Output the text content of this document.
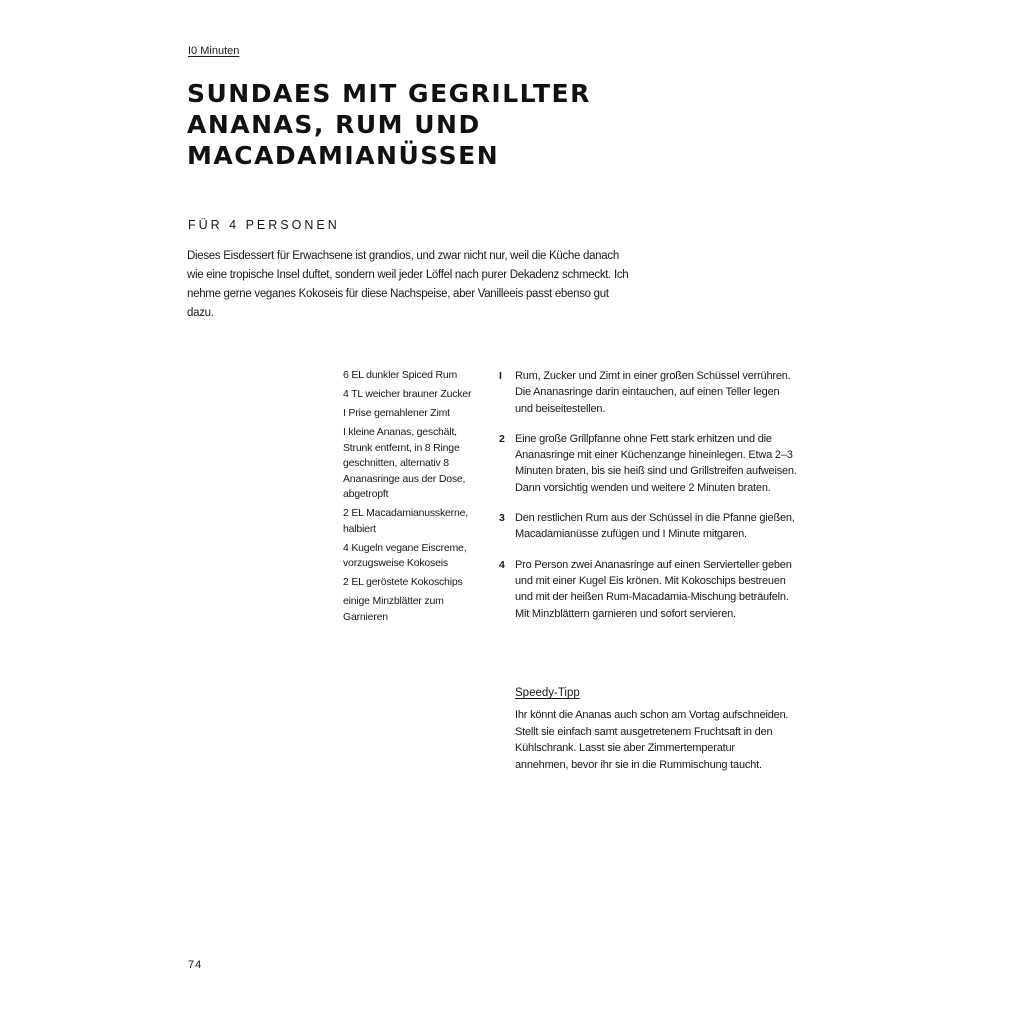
I0 Minuten
SUNDAES MIT GEGRILLTER ANANAS, RUM UND MACADAMIANÜSSEN
FÜR 4 PERSONEN

Dieses Eisdessert für Erwachsene ist grandios, und zwar nicht nur, weil die Küche danach wie eine tropische Insel duftet, sondern weil jeder Löffel nach purer Dekadenz schmeckt. Ich nehme gerne veganes Kokoseis für diese Nachspeise, aber Vanilleeis passt ebenso gut dazu.

6 EL dunkler Spiced Rum
4 TL weicher brauner Zucker
I Prise gemahlener Zimt
I kleine Ananas, geschält, Strunk entfernt, in 8 Ringe geschnitten, alternativ 8 Ananasringe aus der Dose, abgetropft
2 EL Macadamianusskerne, halbiert
4 Kugeln vegane Eiscreme, vorzugsweise Kokoseis
2 EL geröstete Kokoschips
einige Minzblätter zum Garnieren
I Rum, Zucker und Zimt in einer großen Schüssel verrühren. Die Ananasringe darin eintauchen, auf einen Teller legen und beiseitestellen.
2 Eine große Grillpfanne ohne Fett stark erhitzen und die Ananasringe mit einer Küchenzange hineinlegen. Etwa 2–3 Minuten braten, bis sie heiß sind und Grillstreifen aufweisen. Dann vorsichtig wenden und weitere 2 Minuten braten.
3 Den restlichen Rum aus der Schüssel in die Pfanne gießen, Macadamianüsse zufügen und I Minute mitgaren.
4 Pro Person zwei Ananasringe auf einen Servierteller geben und mit einer Kugel Eis krönen. Mit Kokoschips bestreuen und mit der heißen Rum-Macadamia-Mischung beträufeln. Mit Minzblättern garnieren und sofort servieren.
Speedy-Tipp

Ihr könnt die Ananas auch schon am Vortag aufschneiden. Stellt sie einfach samt ausgetretenem Fruchtsaft in den Kühlschrank. Lasst sie aber Zimmertemperatur annehmen, bevor ihr sie in die Rummischung taucht.

74
